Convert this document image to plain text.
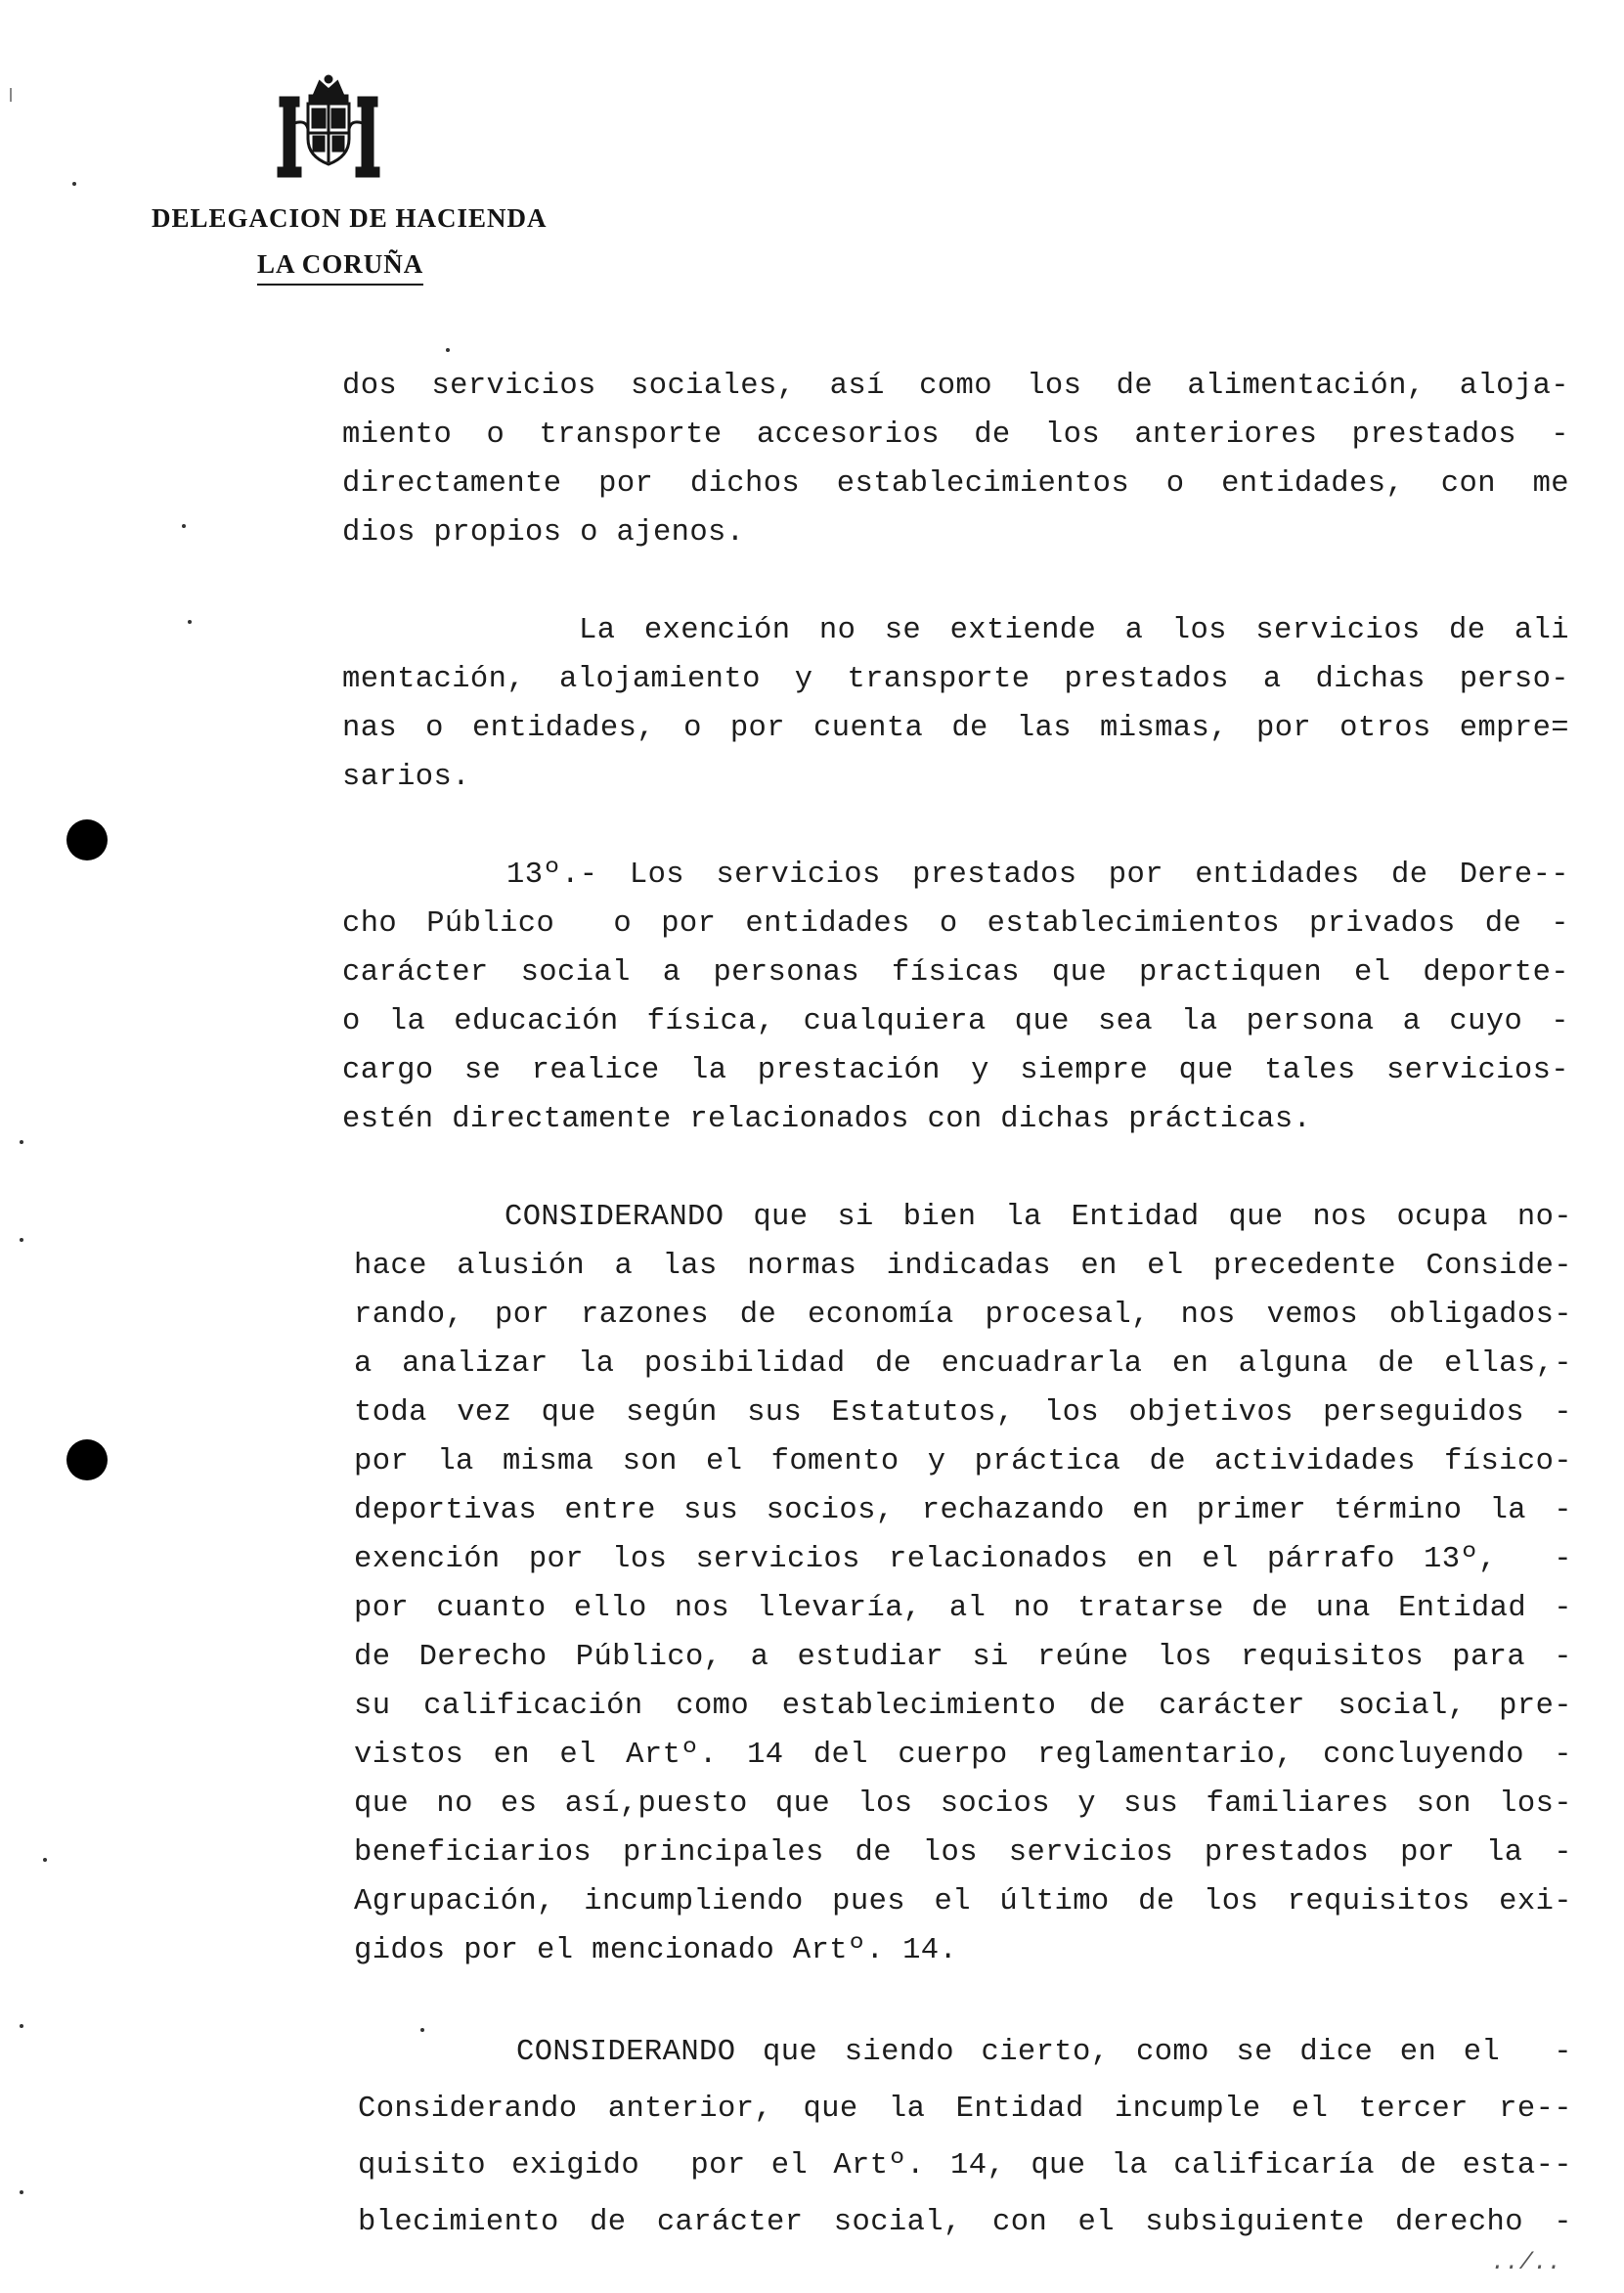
DELEGACION DE HACIENDA
LA CORUÑA
dos servicios sociales, así como los de alimentación, aloja-
miento o transporte accesorios de los anteriores prestados -
directamente por dichos establecimientos o entidades, con me
dios propios o ajenos.
La exención no se extiende a los servicios de ali
mentación, alojamiento y transporte prestados a dichas perso-
nas o entidades, o por cuenta de las mismas, por otros empre=
sarios.
13º.- Los servicios prestados por entidades de Dere--
cho Público  o por entidades o establecimientos privados de -
carácter social a personas físicas que practiquen el deporte-
o la educación física, cualquiera que sea la persona a cuyo -
cargo se realice la prestación y siempre que tales servicios-
estén directamente relacionados con dichas prácticas.
CONSIDERANDO que si bien la Entidad que nos ocupa no-
hace alusión a las normas indicadas en el precedente Conside-
rando, por razones de economía procesal, nos vemos obligados-
a analizar la posibilidad de encuadrarla en alguna de ellas,-
toda vez que según sus Estatutos, los objetivos perseguidos -
por la misma son el fomento y práctica de actividades físico-
deportivas entre sus socios, rechazando en primer término la -
exención por los servicios relacionados en el párrafo 13º,  -
por cuanto ello nos llevaría, al no tratarse de una Entidad -
de Derecho Público, a estudiar si reúne los requisitos para -
su calificación como establecimiento de carácter social, pre-
vistos en el Artº. 14 del cuerpo reglamentario, concluyendo -
que no es así,puesto que los socios y sus familiares son los-
beneficiarios principales de los servicios prestados por la -
Agrupación, incumpliendo pues el último de los requisitos exi-
gidos por el mencionado Artº. 14.
CONSIDERANDO que siendo cierto, como se dice en el  -
Considerando anterior, que la Entidad incumple el tercer re--
quisito exigido  por el Artº. 14, que la calificaría de esta--
blecimiento de carácter social, con el subsiguiente derecho -
../..
